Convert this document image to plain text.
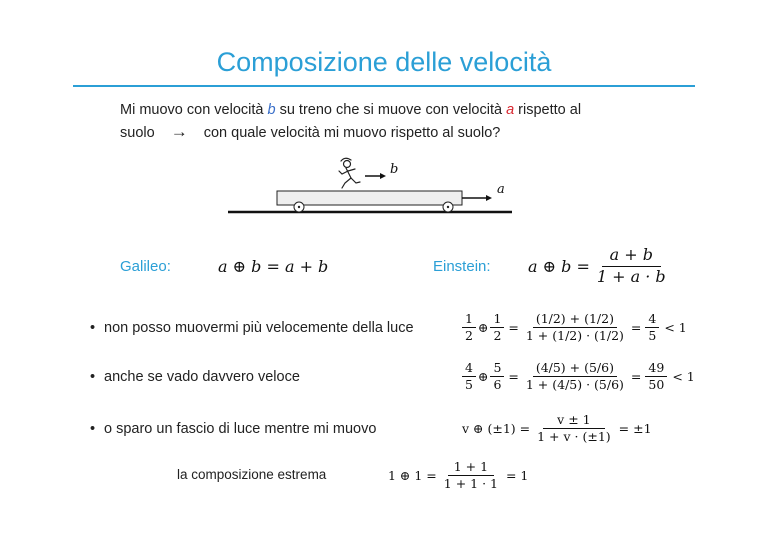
Composizione delle velocità
Mi muovo con velocità b su treno che si muove con velocità a rispetto al
suolo → con quale velocità mi muovo rispetto al suolo?
b
a
Galileo:	a ⊕ b = a + b	Einstein: a ⊕ $b = \frac{a + b}{1 + a \cdot b}$
• non posso muovermi più velocemente della luce
• anche se vado davvero veloce
• o sparo un fascio di luce mentre mi muovo
la composizione estrema
$\frac{1}{2}$ ⊕ $\frac{1}{2} = \frac{(1/2) + (1/2)}{1 + (1/2) \cdot (1/2)} = \frac{4}{5} < 1$
$\frac{4}{5}$ ⊕ $\frac{5}{6} = \frac{(4/5) + (5/6)}{1 + (4/5) \cdot (5/6)} = \frac{49}{50} < 1$
v ⊕ $(\pm 1) = \frac{v \pm 1}{1 + v \cdot (\pm 1)} = \pm 1$
1 ⊕ $1 = \frac{1 + 1}{1 + 1 \cdot 1} = 1$
